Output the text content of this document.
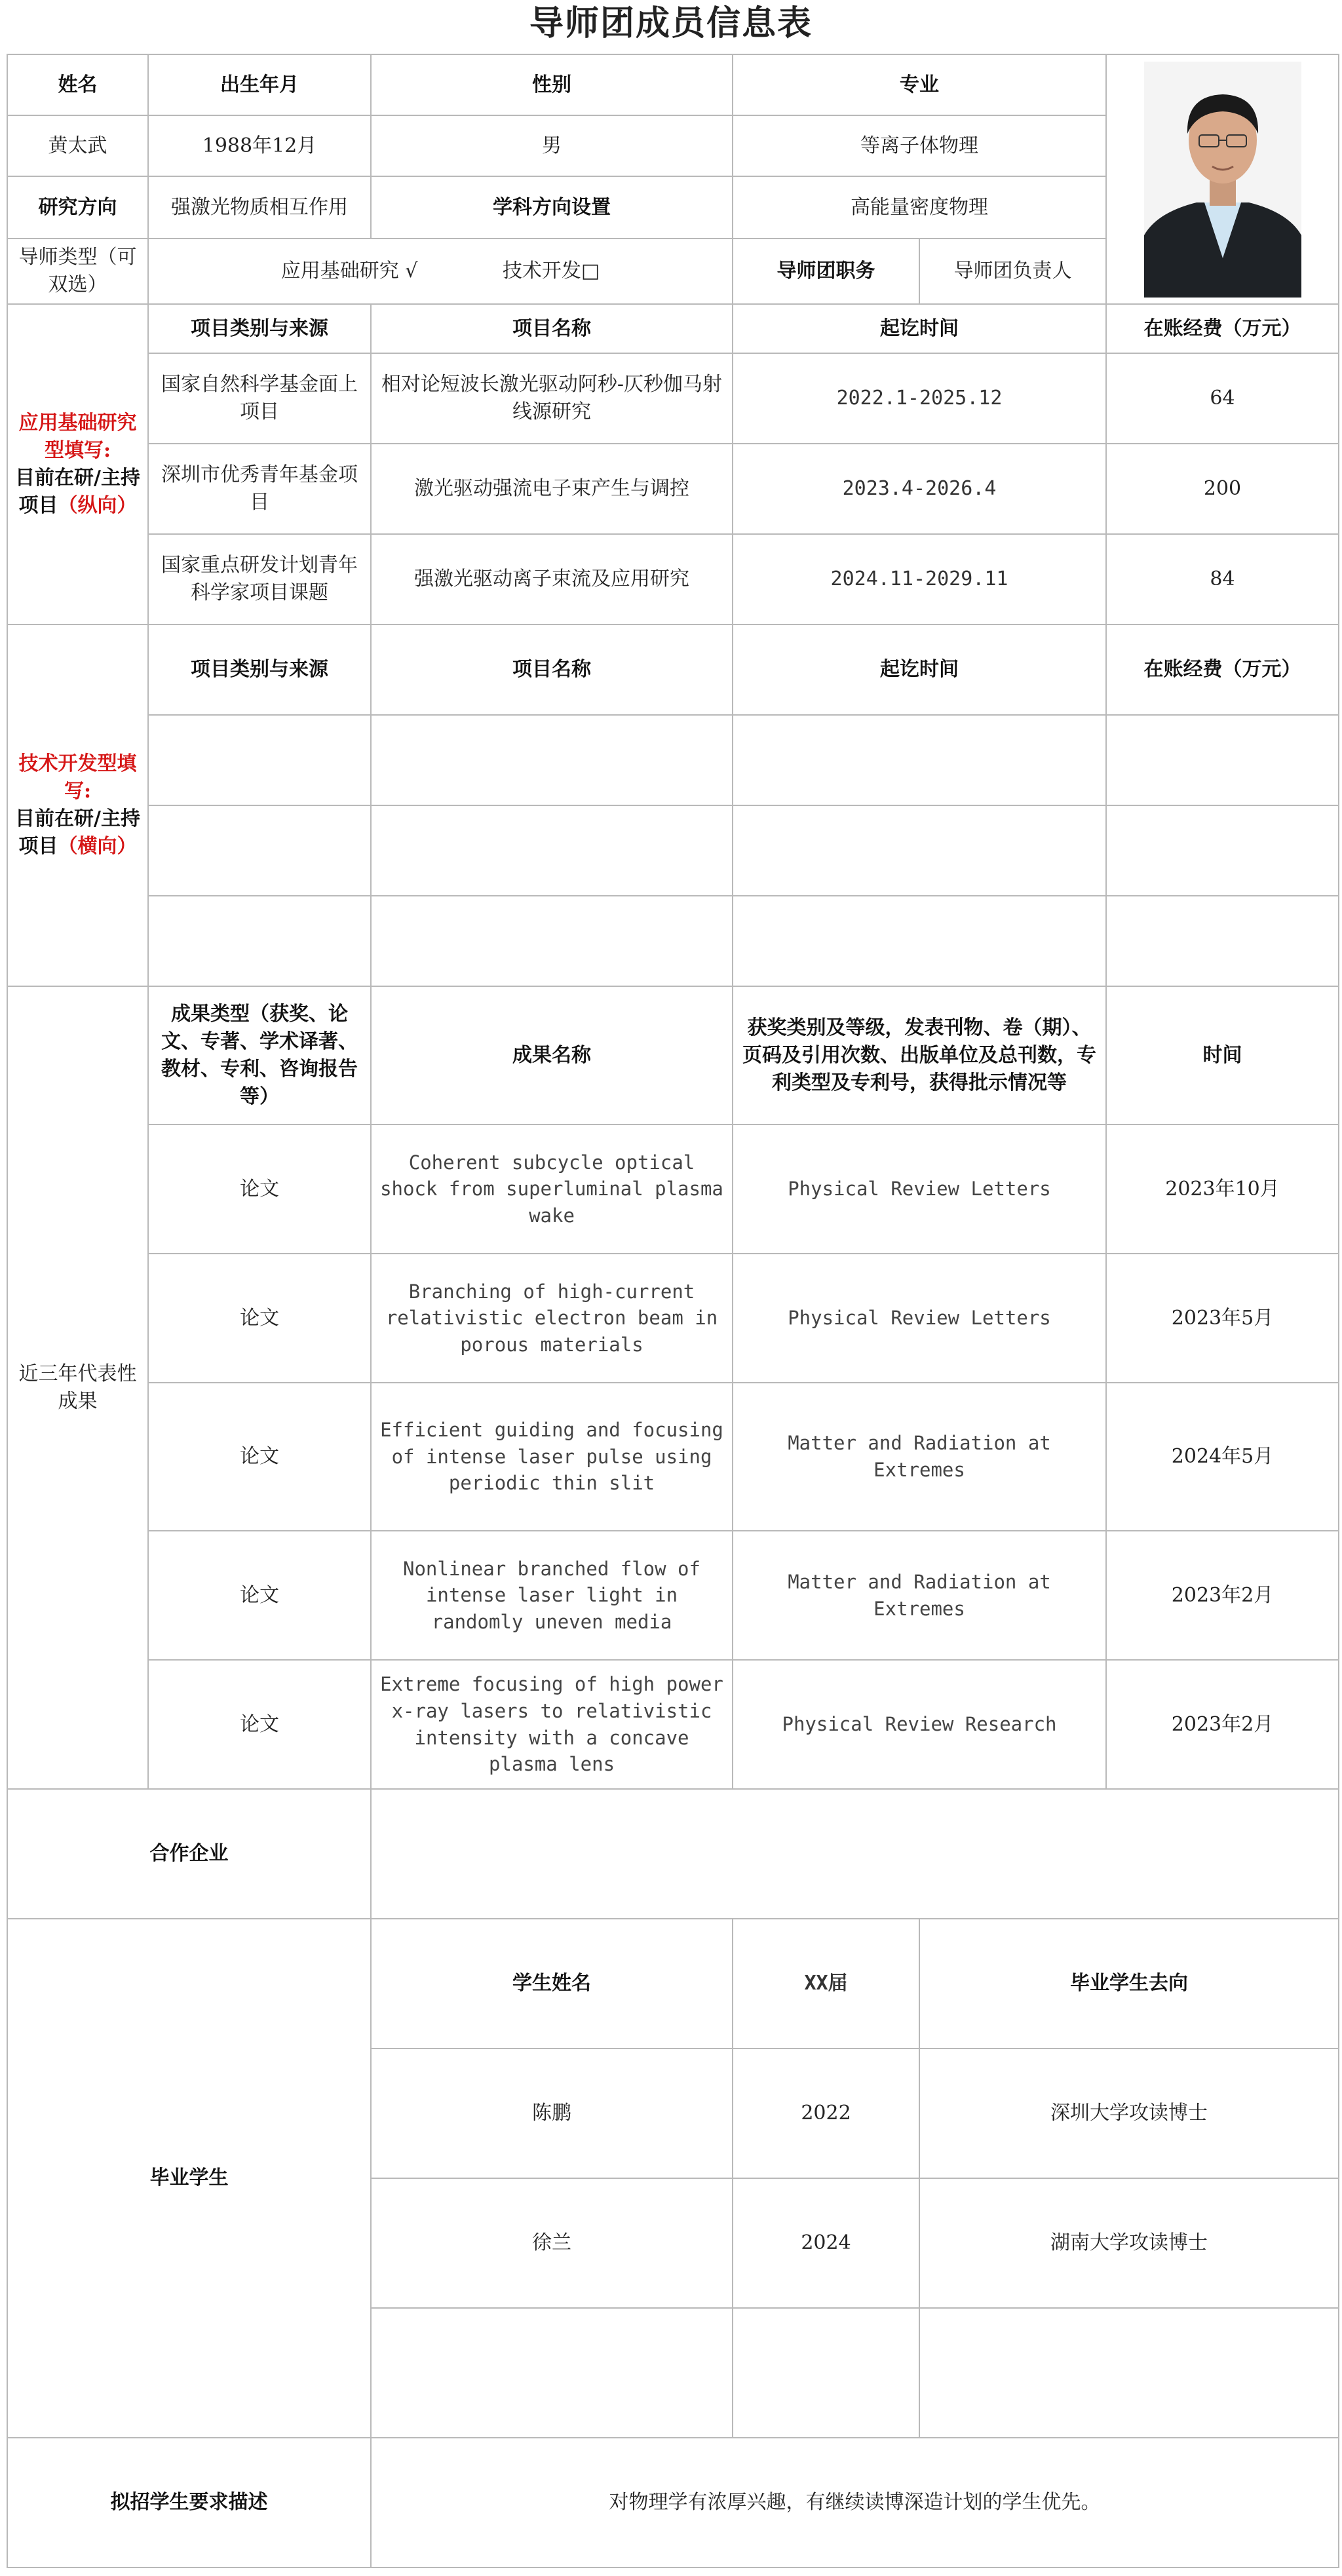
导师团成员信息表
姓名	出生年月	性别	专业	

黄太武	1988年12月	男	等离子体物理		
研究方向	强激光物质相互作用	学科方向设置	高能量密度物理		
导师类型（可双选）	应用基础研究 √ 技术开发□		导师团职务	导师团负责人	
应用基础研究型填写:
目前在研/主持项目（纵向）	项目类别与来源	项目名称	起讫时间		在账经费（万元）
	国家自然科学基金面上项目	相对论短波长激光驱动阿秒-仄秒伽马射线源研究	2022.1-2025.12		64
	深圳市优秀青年基金项目	激光驱动强流电子束产生与调控	2023.4-2026.4		200
	国家重点研发计划青年科学家项目课题	强激光驱动离子束流及应用研究	2024.11-2029.11		84
技术开发型填写:
目前在研/主持项目（横向）	项目类别与来源	项目名称	起讫时间		在账经费（万元）

近三年代表性成果	成果类型（获奖、论文、专著、学术译著、教材、专利、咨询报告等）	成果名称	获奖类别及等级，发表刊物、卷（期）、页码及引用次数、出版单位及总刊数，专利类型及专利号，获得批示情况等		时间
	论文	Coherent subcycle optical shock from superluminal plasma wake	Physical Review Letters		2023年10月
	论文	Branching of high-current relativistic electron beam in porous materials	Physical Review Letters		2023年5月
	论文	Efficient guiding and focusing of intense laser pulse using periodic thin slit	Matter and Radiation at Extremes		2024年5月
	论文	Nonlinear branched flow of intense laser light in randomly uneven media	Matter and Radiation at Extremes		2023年2月
	论文	Extreme focusing of high power x-ray lasers to relativistic intensity with a concave plasma lens	Physical Review Research		2023年2月
合作企业					
毕业学生		学生姓名	XX届	毕业学生去向	
		陈鹏	2022	深圳大学攻读博士	
		徐兰	2024	湖南大学攻读博士	

拟招学生要求描述		对物理学有浓厚兴趣，有继续读博深造计划的学生优先。			
